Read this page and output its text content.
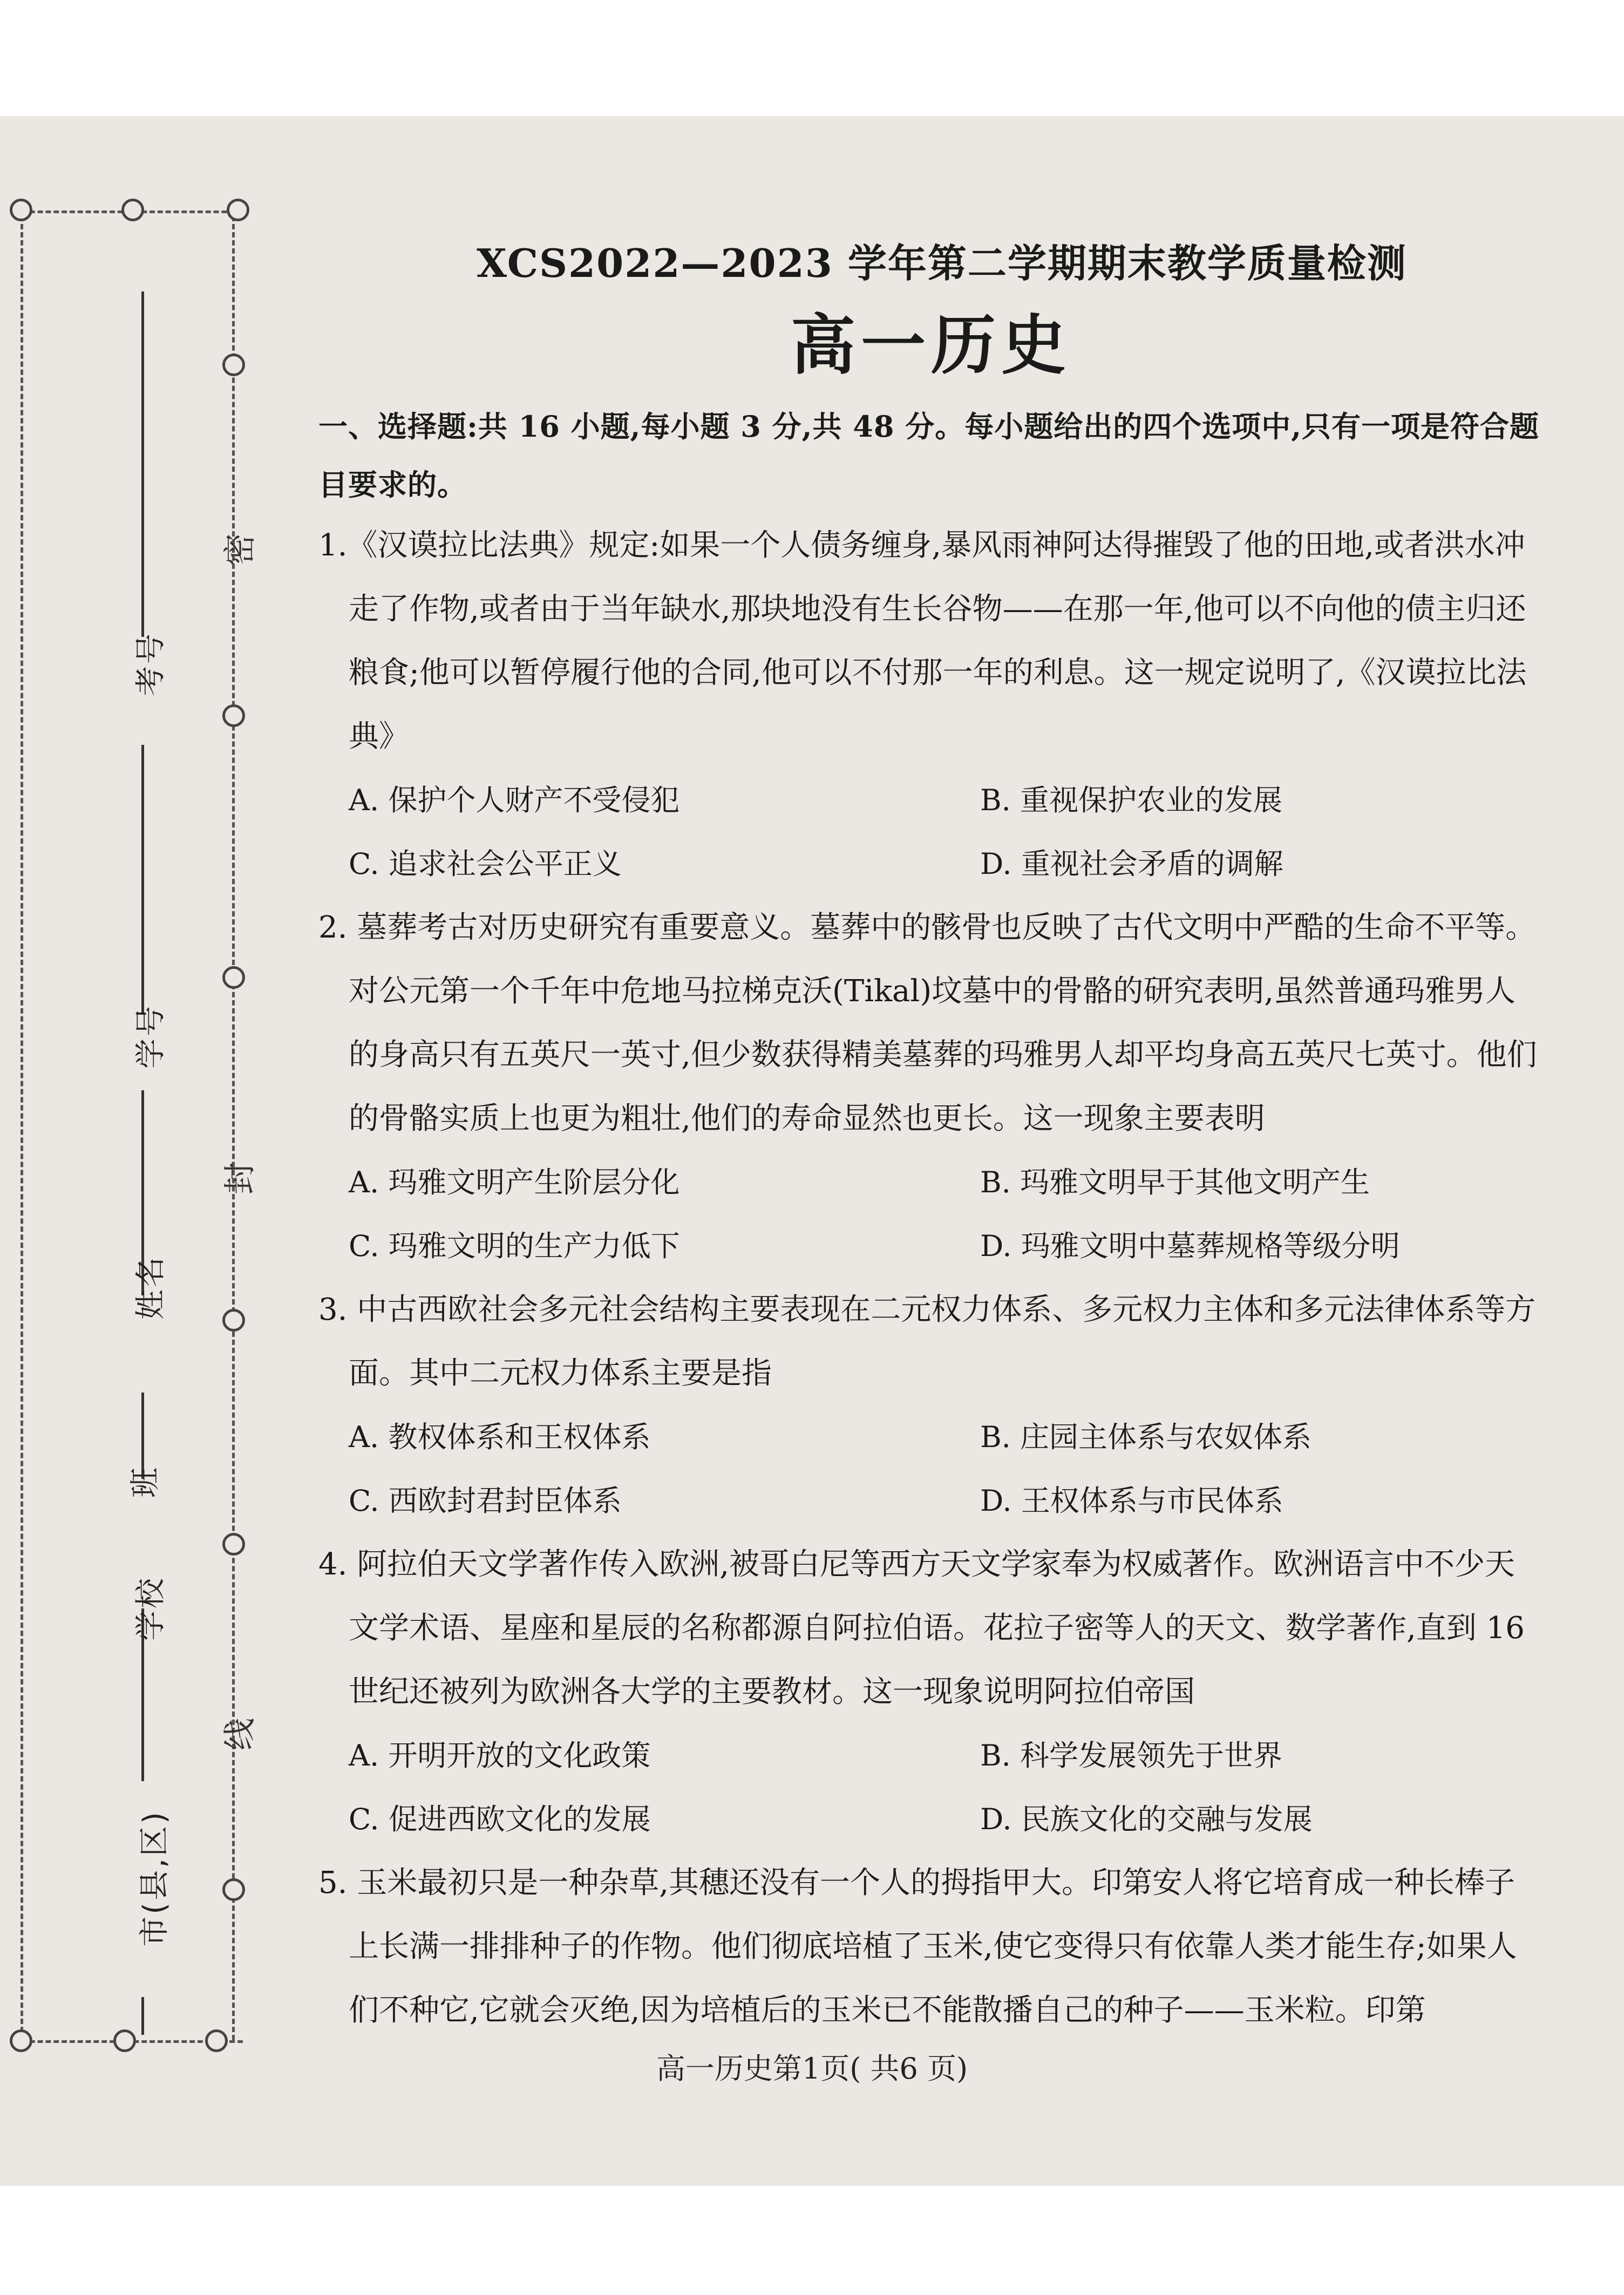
考号
学号
姓名
班
学校
市(县,区)
密
封
线
XCS2022—2023 学年第二学期期末教学质量检测
高一历史
一、选择题:共 16 小题,每小题 3 分,共 48 分。每小题给出的四个选项中,只有一项是符合题目要求的。
1.《汉谟拉比法典》规定:如果一个人债务缠身,暴风雨神阿达得摧毁了他的田地,或者洪水冲走了作物,或者由于当年缺水,那块地没有生长谷物——在那一年,他可以不向他的债主归还粮食;他可以暂停履行他的合同,他可以不付那一年的利息。这一规定说明了,《汉谟拉比法典》
A. 保护个人财产不受侵犯	B. 重视保护农业的发展
C. 追求社会公平正义	D. 重视社会矛盾的调解
2. 墓葬考古对历史研究有重要意义。墓葬中的骸骨也反映了古代文明中严酷的生命不平等。对公元第一个千年中危地马拉梯克沃(Tikal)坟墓中的骨骼的研究表明,虽然普通玛雅男人的身高只有五英尺一英寸,但少数获得精美墓葬的玛雅男人却平均身高五英尺七英寸。他们的骨骼实质上也更为粗壮,他们的寿命显然也更长。这一现象主要表明
A. 玛雅文明产生阶层分化	B. 玛雅文明早于其他文明产生
C. 玛雅文明的生产力低下	D. 玛雅文明中墓葬规格等级分明
3. 中古西欧社会多元社会结构主要表现在二元权力体系、多元权力主体和多元法律体系等方面。其中二元权力体系主要是指
A. 教权体系和王权体系	B. 庄园主体系与农奴体系
C. 西欧封君封臣体系	D. 王权体系与市民体系
4. 阿拉伯天文学著作传入欧洲,被哥白尼等西方天文学家奉为权威著作。欧洲语言中不少天文学术语、星座和星辰的名称都源自阿拉伯语。花拉子密等人的天文、数学著作,直到 16 世纪还被列为欧洲各大学的主要教材。这一现象说明阿拉伯帝国
A. 开明开放的文化政策	B. 科学发展领先于世界
C. 促进西欧文化的发展	D. 民族文化的交融与发展
5. 玉米最初只是一种杂草,其穗还没有一个人的拇指甲大。印第安人将它培育成一种长棒子上长满一排排种子的作物。他们彻底培植了玉米,使它变得只有依靠人类才能生存;如果人们不种它,它就会灭绝,因为培植后的玉米已不能散播自己的种子——玉米粒。印第
高一历史第1页( 共6 页)
